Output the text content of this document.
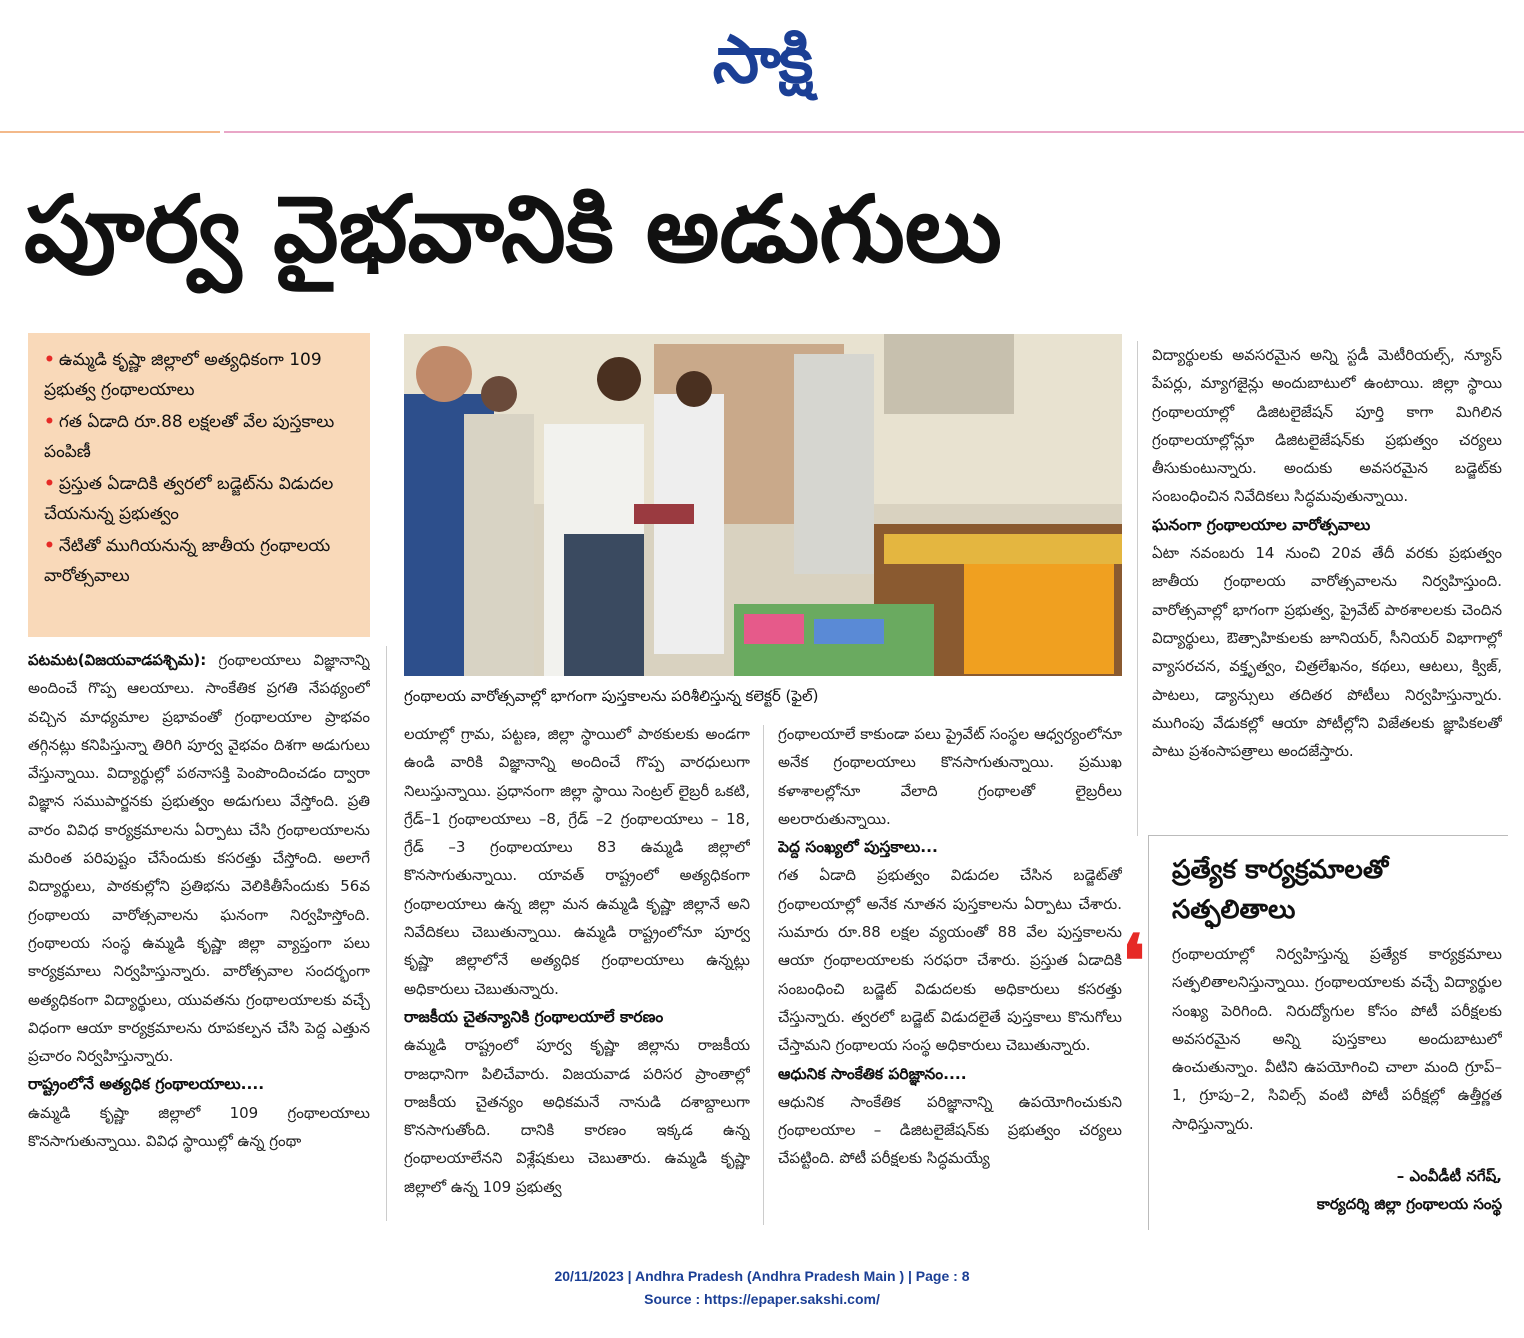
సాక్షి
పూర్వ వైభవానికి అడుగులు
• ఉమ్మడి కృష్ణా జిల్లాలో అత్యధికంగా 109 ప్రభుత్వ గ్రంథాలయాలు
• గత ఏడాది రూ.88 లక్షలతో వేల పుస్తకాలు పంపిణీ
• ప్రస్తుత ఏడాదికి త్వరలో బడ్జెట్‌ను విడుదల చేయనున్న ప్రభుత్వం
• నేటితో ముగియనున్న జాతీయ గ్రంథాలయ వారోత్సవాలు
గ్రంథాలయ వారోత్సవాల్లో భాగంగా పుస్తకాలను పరిశీలిస్తున్న కలెక్టర్‌ (ఫైల్‌)

పటమట(విజయవాడపశ్చిమ): గ్రంథాలయాలు విజ్ఞానాన్ని అందించే గొప్ప ఆలయాలు. సాంకేతిక ప్రగతి నేపథ్యంలో వచ్చిన మాధ్యమాల ప్రభావంతో గ్రంథాలయాల ప్రాభవం తగ్గినట్లు కనిపిస్తున్నా తిరిగి పూర్వ వైభవం దిశగా అడుగులు వేస్తున్నాయి. విద్యార్థుల్లో పఠనాసక్తి పెంపొందించడం ద్వారా విజ్ఞాన సముపార్జనకు ప్రభుత్వం అడుగులు వేస్తోంది. ప్రతి వారం వివిధ కార్యక్రమాలను ఏర్పాటు చేసి గ్రంథాలయాలను మరింత పరిపుష్టం చేసేందుకు కసరత్తు చేస్తోంది. అలాగే విద్యార్థులు, పాఠకుల్లోని ప్రతిభను వెలికితీసేందుకు 56వ గ్రంథాలయ వారోత్సవాలను ఘనంగా నిర్వహిస్తోంది. గ్రంథాలయ సంస్థ ఉమ్మడి కృష్ణా జిల్లా వ్యాప్తంగా పలు కార్యక్రమాలు నిర్వహిస్తున్నారు. వారోత్సవాల సందర్భంగా అత్యధికంగా విద్యార్థులు, యువతను గ్రంథాలయాలకు వచ్చే విధంగా ఆయా కార్యక్రమాలను రూపకల్పన చేసి పెద్ద ఎత్తున ప్రచారం నిర్వహిస్తున్నారు.

రాష్ట్రంలోనే అత్యధిక గ్రంథాలయాలు....

ఉమ్మడి కృష్ణా జిల్లాలో 109 గ్రంథాలయాలు కొనసాగుతున్నాయి. వివిధ స్థాయిల్లో ఉన్న గ్రంథా

లయాల్లో గ్రామ, పట్టణ, జిల్లా స్థాయిలో పాఠకులకు అండగా ఉండి వారికి విజ్ఞానాన్ని అందించే గొప్ప వారధులుగా నిలుస్తున్నాయి. ప్రధానంగా జిల్లా స్థాయి సెంట్రల్‌ లైబ్రరీ ఒకటి, గ్రేడ్‌–1 గ్రంథాలయాలు –8, గ్రేడ్‌ –2 గ్రంథాలయాలు – 18, గ్రేడ్‌ –3 గ్రంథాలయాలు 83 ఉమ్మడి జిల్లాలో కొనసాగుతున్నాయి. యావత్‌ రాష్ట్రంలో అత్యధికంగా గ్రంథాలయాలు ఉన్న జిల్లా మన ఉమ్మడి కృష్ణా జిల్లానే అని నివేదికలు చెబుతున్నాయి. ఉమ్మడి రాష్ట్రంలోనూ పూర్వ కృష్ణా జిల్లాలోనే అత్యధిక గ్రంథాలయాలు ఉన్నట్లు అధికారులు చెబుతున్నారు.

రాజకీయ చైతన్యానికి గ్రంథాలయాలే కారణం

ఉమ్మడి రాష్ట్రంలో పూర్వ కృష్ణా జిల్లాను రాజకీయ రాజధానిగా పిలిచేవారు. విజయవాడ పరిసర ప్రాంతాల్లో రాజకీయ చైతన్యం అధికమనే నానుడి దశాబ్దాలుగా కొనసాగుతోంది. దానికి కారణం ఇక్కడ ఉన్న గ్రంథాలయాలేనని విశ్లేషకులు చెబుతారు. ఉమ్మడి కృష్ణా జిల్లాలో ఉన్న 109 ప్రభుత్వ

గ్రంథాలయాలే కాకుండా పలు ప్రైవేట్‌ సంస్థల ఆధ్వర్యంలోనూ అనేక గ్రంథాలయాలు కొనసాగుతున్నాయి. ప్రముఖ కళాశాలల్లోనూ వేలాది గ్రంథాలతో లైబ్రరీలు అలరారుతున్నాయి.

పెద్ద సంఖ్యలో పుస్తకాలు...

గత ఏడాది ప్రభుత్వం విడుదల చేసిన బడ్జెట్‌తో గ్రంథాలయాల్లో అనేక నూతన పుస్తకాలను ఏర్పాటు చేశారు. సుమారు రూ.88 లక్షల వ్యయంతో 88 వేల పుస్తకాలను ఆయా గ్రంథాలయాలకు సరఫరా చేశారు. ప్రస్తుత ఏడాదికి సంబంధించి బడ్జెట్‌ విడుదలకు అధికారులు కసరత్తు చేస్తున్నారు. త్వరలో బడ్జెట్‌ విడుదలైతే పుస్తకాలు కొనుగోలు చేస్తామని గ్రంథాలయ సంస్థ అధికారులు చెబుతున్నారు.

ఆధునిక సాంకేతిక పరిజ్ఞానం....

ఆధునిక సాంకేతిక పరిజ్ఞానాన్ని ఉపయోగించుకుని గ్రంథాలయాల – డిజిటలైజేషన్‌కు ప్రభుత్వం చర్యలు చేపట్టింది. పోటీ పరీక్షలకు సిద్ధమయ్యే

విద్యార్థులకు అవసరమైన అన్ని స్టడీ మెటీరియల్స్, న్యూస్‌ పేపర్లు, మ్యాగజైన్లు అందుబాటులో ఉంటాయి. జిల్లా స్థాయి గ్రంథాలయాల్లో డిజిటలైజేషన్‌ పూర్తి కాగా మిగిలిన గ్రంథాలయాల్లోన్లూ డిజిటలైజేషన్‌కు ప్రభుత్వం చర్యలు తీసుకుంటున్నారు. అందుకు అవసరమైన బడ్జెట్‌కు సంబంధించిన నివేదికలు సిద్ధమవుతున్నాయి.

ఘనంగా గ్రంథాలయాల వారోత్సవాలు

ఏటా నవంబరు 14 నుంచి 20వ తేదీ వరకు ప్రభుత్వం జాతీయ గ్రంథాలయ వారోత్సవాలను నిర్వహిస్తుంది. వారోత్సవాల్లో భాగంగా ప్రభుత్వ, ప్రైవేట్‌ పాఠశాలలకు చెందిన విద్యార్థులు, ఔత్సాహికులకు జూనియర్, సీనియర్‌ విభాగాల్లో వ్యాసరచన, వక్తృత్వం, చిత్రలేఖనం, కథలు, ఆటలు, క్విజ్, పాటలు, డ్యాన్సులు తదితర పోటీలు నిర్వహిస్తున్నారు. ముగింపు వేడుకల్లో ఆయా పోటీల్లోని విజేతలకు జ్ఞాపికలతో పాటు ప్రశంసాపత్రాలు అందజేస్తారు.

ప్రత్యేక కార్యక్రమాలతో సత్ఫలితాలు
❛	గ్రంథాలయాల్లో నిర్వహిస్తున్న ప్రత్యేక కార్యక్రమాలు సత్ఫలితాలనిస్తున్నాయి. గ్రంథాలయాలకు వచ్చే విద్యార్థుల సంఖ్య పెరిగింది. నిరుద్యోగుల కోసం పోటీ పరీక్షలకు అవసరమైన అన్ని పుస్తకాలు అందుబాటులో ఉంచుతున్నాం. వీటిని ఉపయోగించి చాలా మంది గ్రూప్‌–1, గ్రూపు–2, సివిల్స్‌ వంటి పోటీ పరీక్షల్లో ఉత్తీర్ణత సాధిస్తున్నారు.
– ఎంవీడీటీ నగేష్,
కార్యదర్శి జిల్లా గ్రంథాలయ సంస్థ
20/11/2023 | Andhra Pradesh (Andhra Pradesh Main ) | Page : 8
Source : https://epaper.sakshi.com/
